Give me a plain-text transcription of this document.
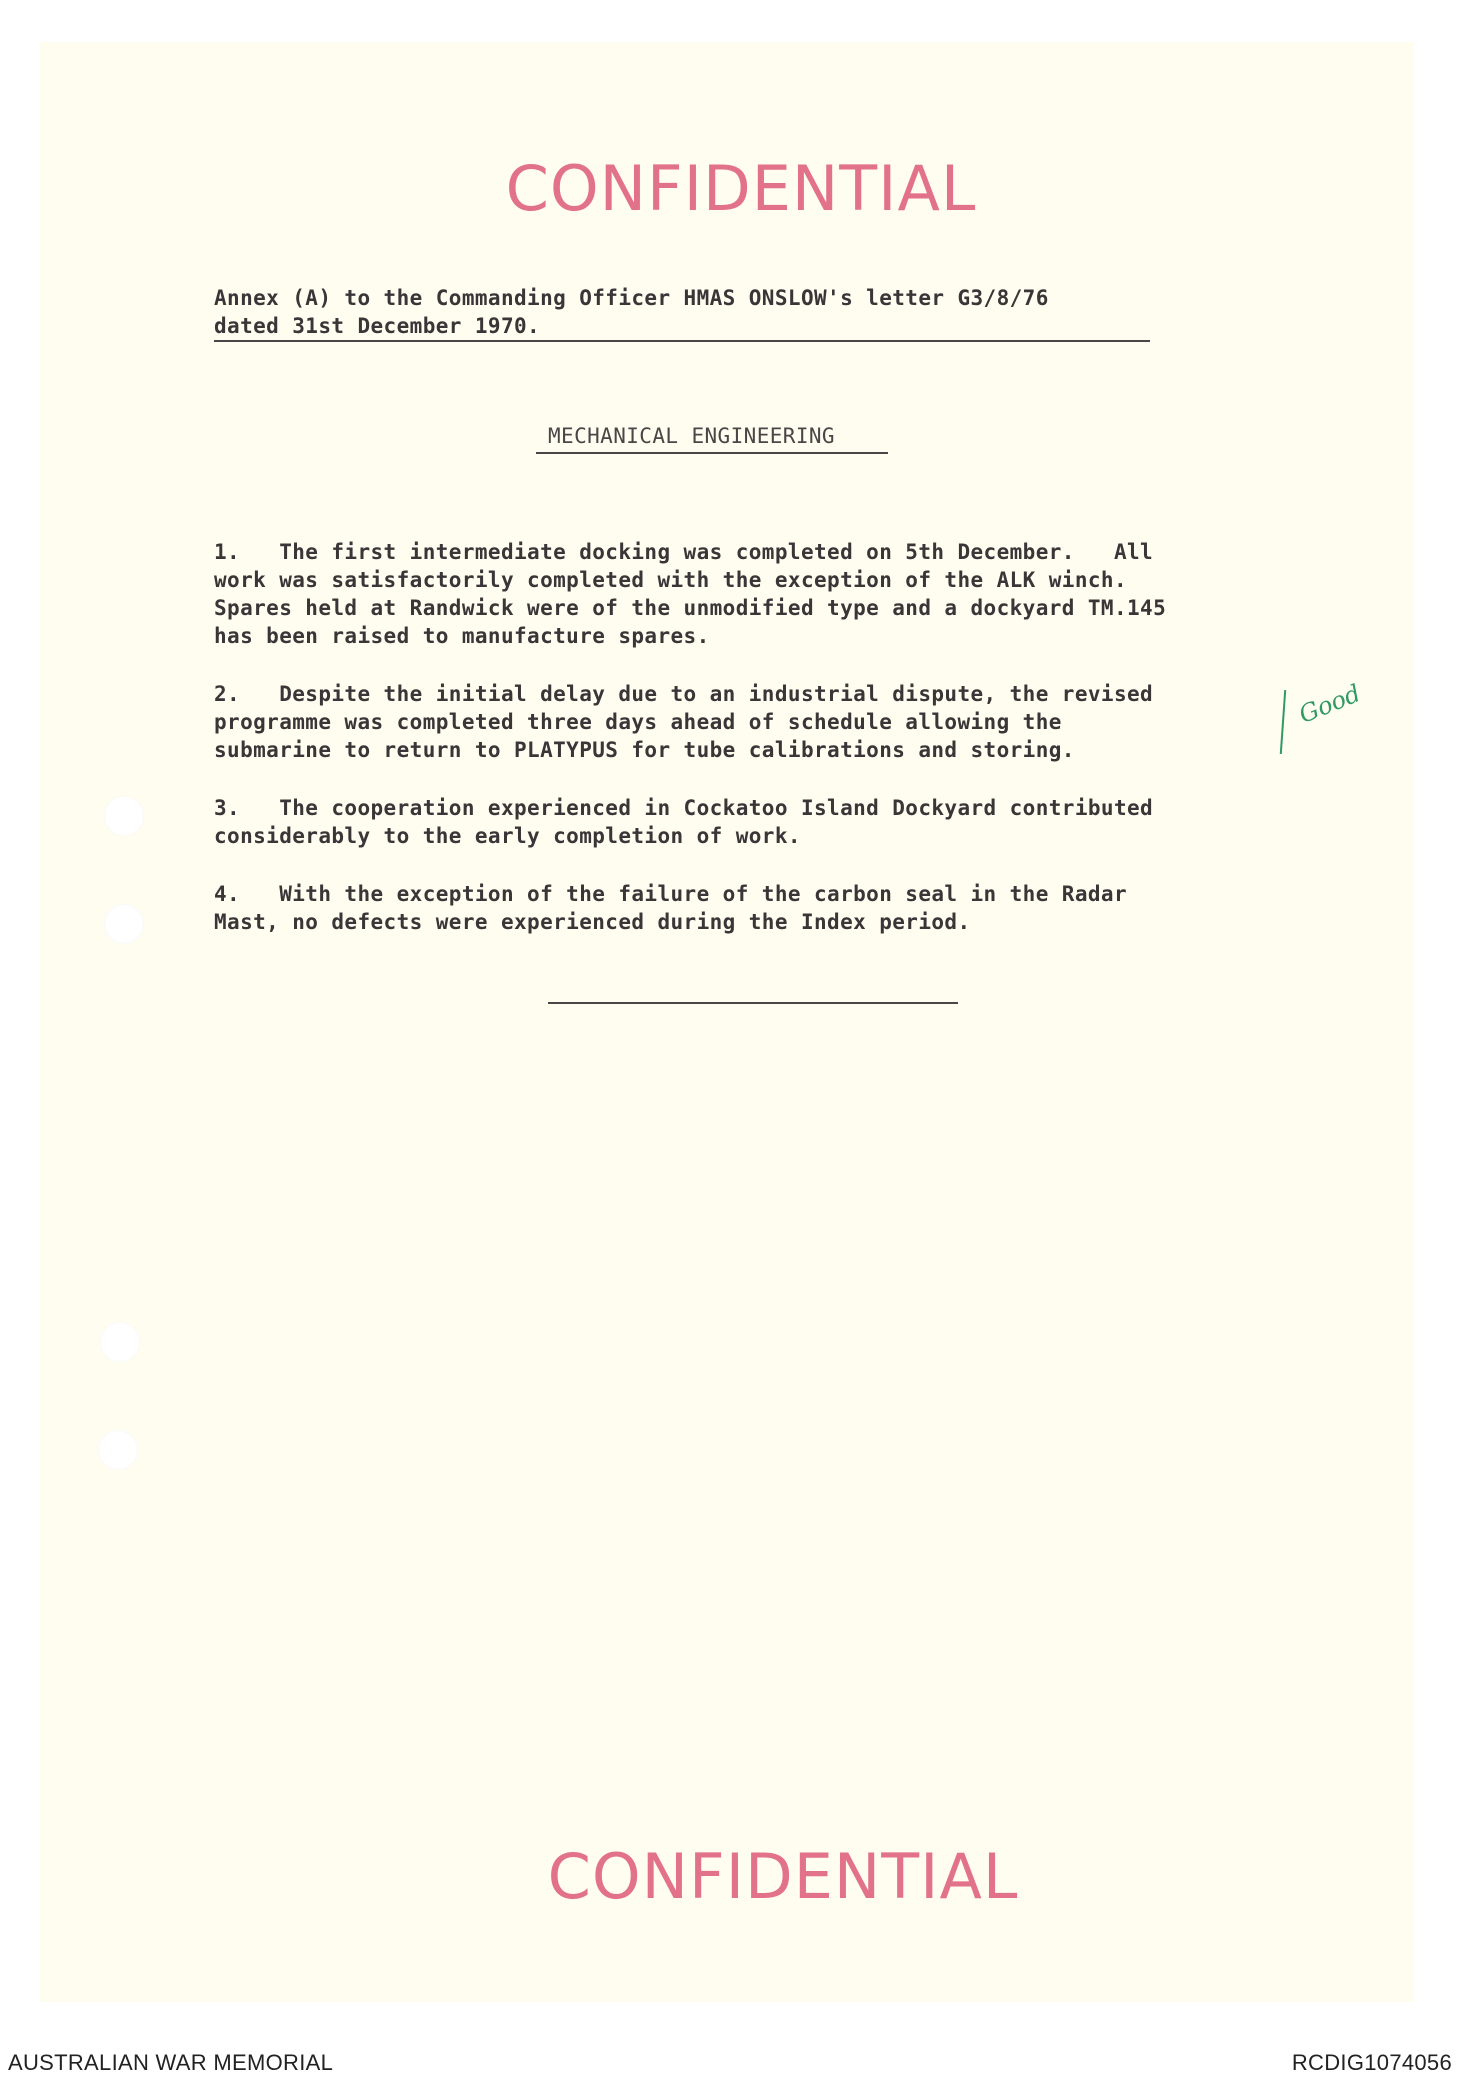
CONFIDENTIAL
Annex (A) to the Commanding Officer HMAS ONSLOW's letter G3/8/76
dated 31st December 1970.
MECHANICAL ENGINEERING
1.   The first intermediate docking was completed on 5th December.   All
work was satisfactorily completed with the exception of the ALK winch.
Spares held at Randwick were of the unmodified type and a dockyard TM.145
has been raised to manufacture spares.
2.   Despite the initial delay due to an industrial dispute, the revised
programme was completed three days ahead of schedule allowing the
submarine to return to PLATYPUS for tube calibrations and storing.
3.   The cooperation experienced in Cockatoo Island Dockyard contributed
considerably to the early completion of work.
4.   With the exception of the failure of the carbon seal in the Radar
Mast, no defects were experienced during the Index period.
Good
CONFIDENTIAL
AUSTRALIAN WAR MEMORIAL	RCDIG1074056
